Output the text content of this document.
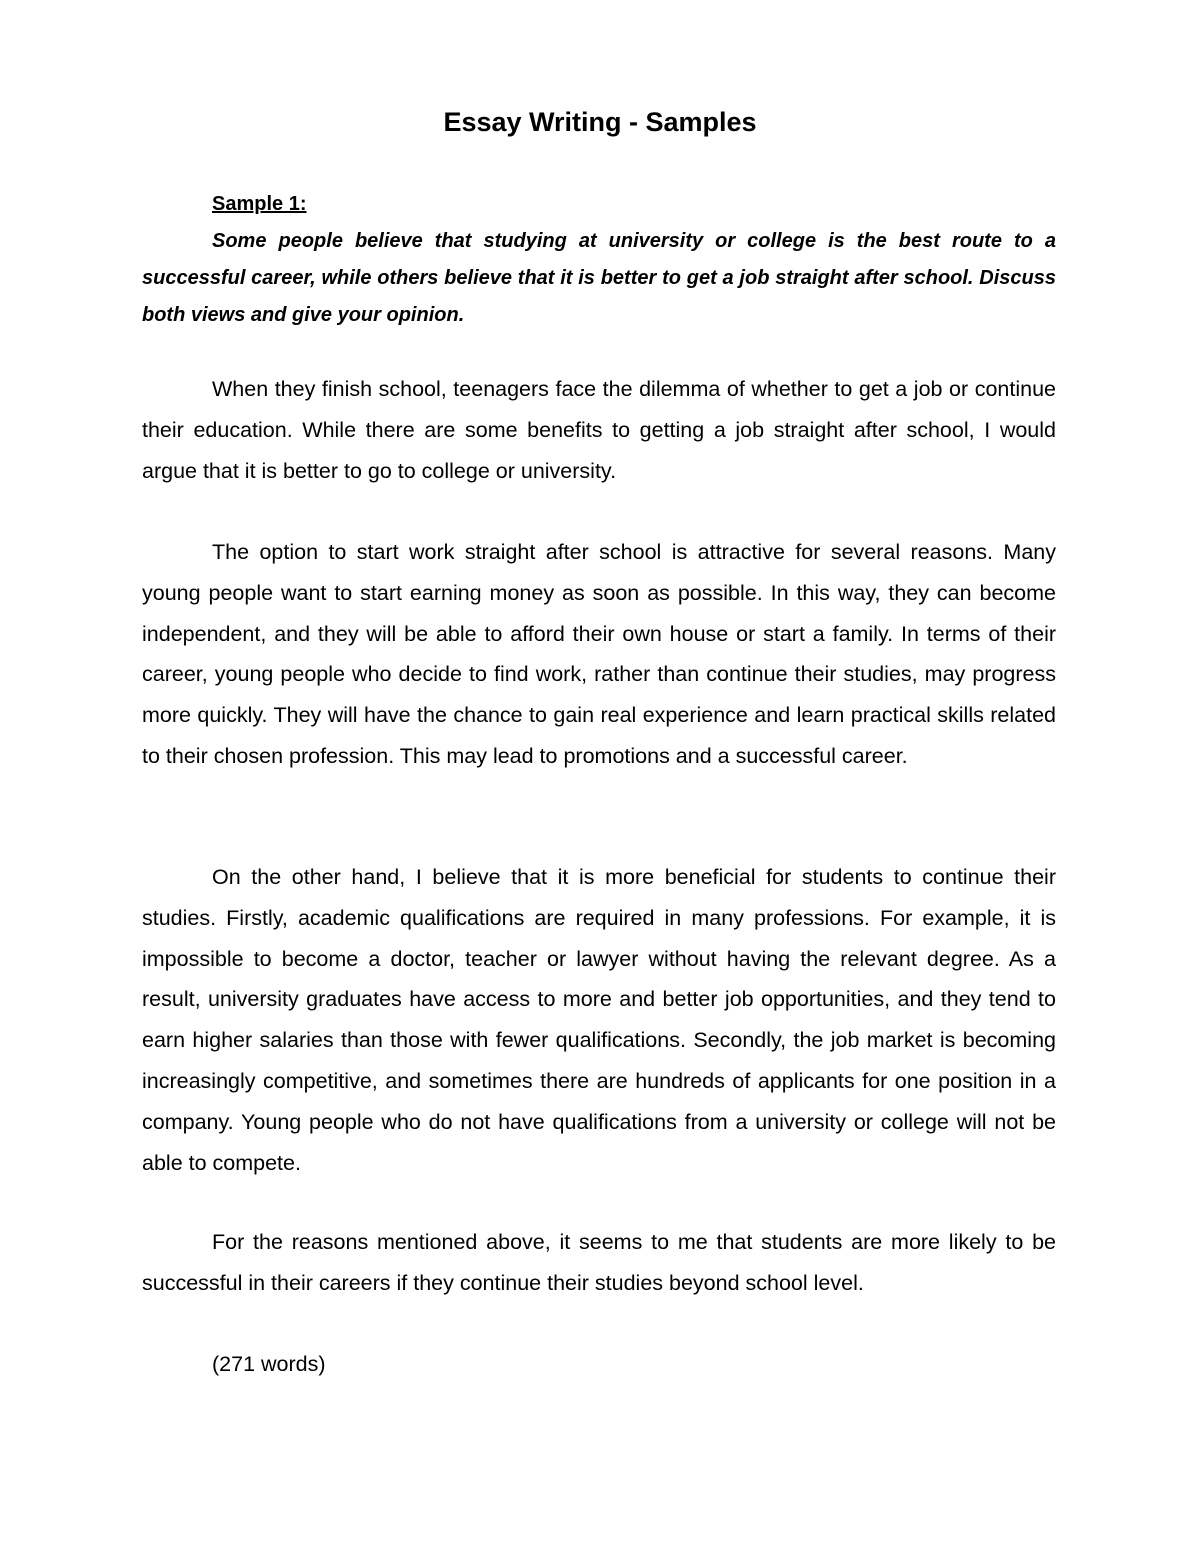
Essay Writing - Samples

Sample 1:

Some people believe that studying at university or college is the best route to a successful career, while others believe that it is better to get a job straight after school. Discuss both views and give your opinion.

When they finish school, teenagers face the dilemma of whether to get a job or continue their education. While there are some benefits to getting a job straight after school, I would argue that it is better to go to college or university.

The option to start work straight after school is attractive for several reasons. Many young people want to start earning money as soon as possible. In this way, they can become independent, and they will be able to afford their own house or start a family. In terms of their career, young people who decide to find work, rather than continue their studies, may progress more quickly. They will have the chance to gain real experience and learn practical skills related to their chosen profession. This may lead to promotions and a successful career.

On the other hand, I believe that it is more beneficial for students to continue their studies. Firstly, academic qualifications are required in many professions. For example, it is impossible to become a doctor, teacher or lawyer without having the relevant degree. As a result, university graduates have access to more and better job opportunities, and they tend to earn higher salaries than those with fewer qualifications. Secondly, the job market is becoming increasingly competitive, and sometimes there are hundreds of applicants for one position in a company. Young people who do not have qualifications from a university or college will not be able to compete.

For the reasons mentioned above, it seems to me that students are more likely to be successful in their careers if they continue their studies beyond school level.

(271 words)
